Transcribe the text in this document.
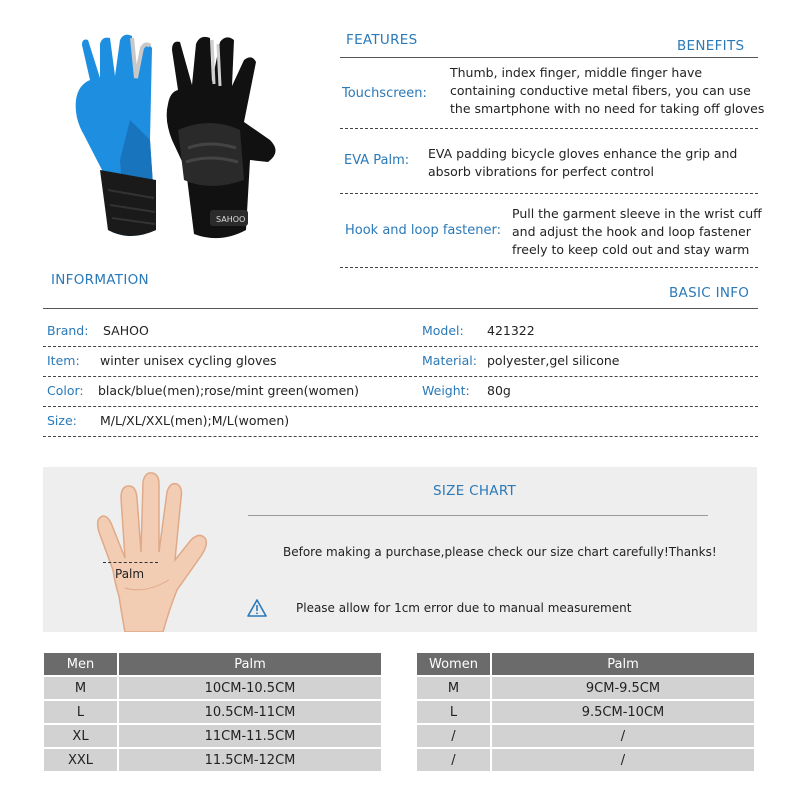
SAHOO
FEATURES	BENEFITS
Touchscreen:
Thumb, index finger, middle finger have
containing conductive metal fibers, you can use
the smartphone with no need for taking off gloves
EVA Palm: EVA padding bicycle gloves enhance the grip and
absorb vibrations for perfect control
Hook and loop fastener:
Pull the garment sleeve in the wrist cuff
and adjust the hook and loop fastener
freely to keep cold out and stay warm
INFORMATION
BASIC INFO
Brand: SAHOO	Model: 421322
Item: winter unisex cycling gloves	Material: polyester,gel silicone
Color: black/blue(men);rose/mint green(women)	Weight: 80g
Size: M/L/XL/XXL(men);M/L(women)
Palm
SIZE CHART
Before making a purchase,please check our size chart carefully!Thanks!
Please allow for 1cm error due to manual measurement
Men	Palm
M	10CM-10.5CM
L	10.5CM-11CM
XL	11CM-11.5CM
XXL	11.5CM-12CM
Women	Palm
M	9CM-9.5CM
L	9.5CM-10CM
/	/
/	/
